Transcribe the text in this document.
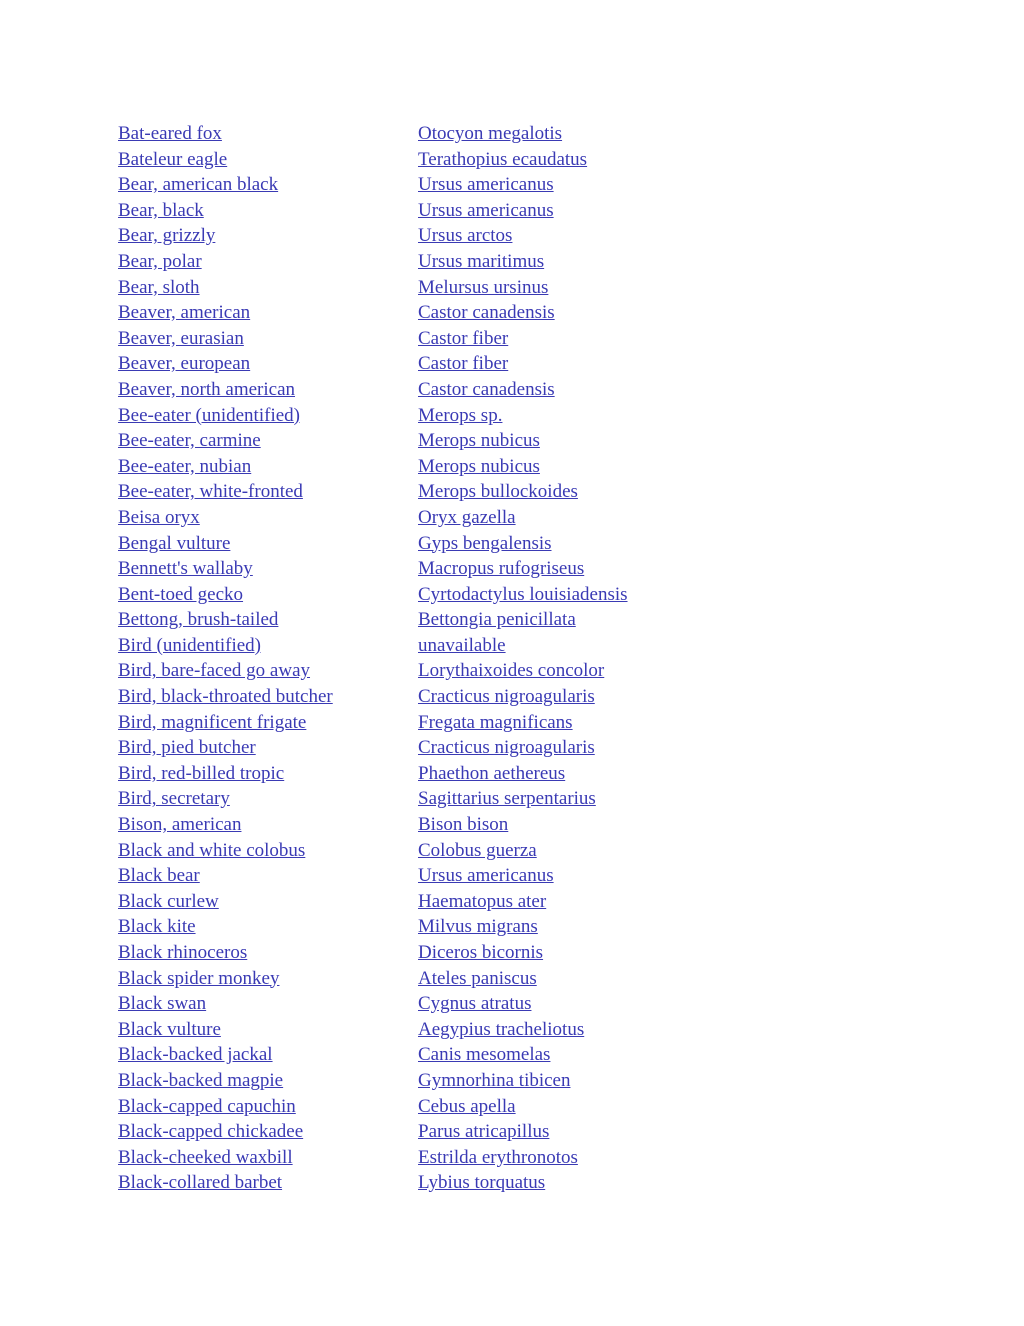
Bat-eared fox	Otocyon megalotis
Bateleur eagle	Terathopius ecaudatus
Bear, american black	Ursus americanus
Bear, black	Ursus americanus
Bear, grizzly	Ursus arctos
Bear, polar	Ursus maritimus
Bear, sloth	Melursus ursinus
Beaver, american	Castor canadensis
Beaver, eurasian	Castor fiber
Beaver, european	Castor fiber
Beaver, north american	Castor canadensis
Bee-eater (unidentified)	Merops sp.
Bee-eater, carmine	Merops nubicus
Bee-eater, nubian	Merops nubicus
Bee-eater, white-fronted	Merops bullockoides
Beisa oryx	Oryx gazella
Bengal vulture	Gyps bengalensis
Bennett's wallaby	Macropus rufogriseus
Bent-toed gecko	Cyrtodactylus louisiadensis
Bettong, brush-tailed	Bettongia penicillata
Bird (unidentified)	unavailable
Bird, bare-faced go away	Lorythaixoides concolor
Bird, black-throated butcher	Cracticus nigroagularis
Bird, magnificent frigate	Fregata magnificans
Bird, pied butcher	Cracticus nigroagularis
Bird, red-billed tropic	Phaethon aethereus
Bird, secretary	Sagittarius serpentarius
Bison, american	Bison bison
Black and white colobus	Colobus guerza
Black bear	Ursus americanus
Black curlew	Haematopus ater
Black kite	Milvus migrans
Black rhinoceros	Diceros bicornis
Black spider monkey	Ateles paniscus
Black swan	Cygnus atratus
Black vulture	Aegypius tracheliotus
Black-backed jackal	Canis mesomelas
Black-backed magpie	Gymnorhina tibicen
Black-capped capuchin	Cebus apella
Black-capped chickadee	Parus atricapillus
Black-cheeked waxbill	Estrilda erythronotos
Black-collared barbet	Lybius torquatus
